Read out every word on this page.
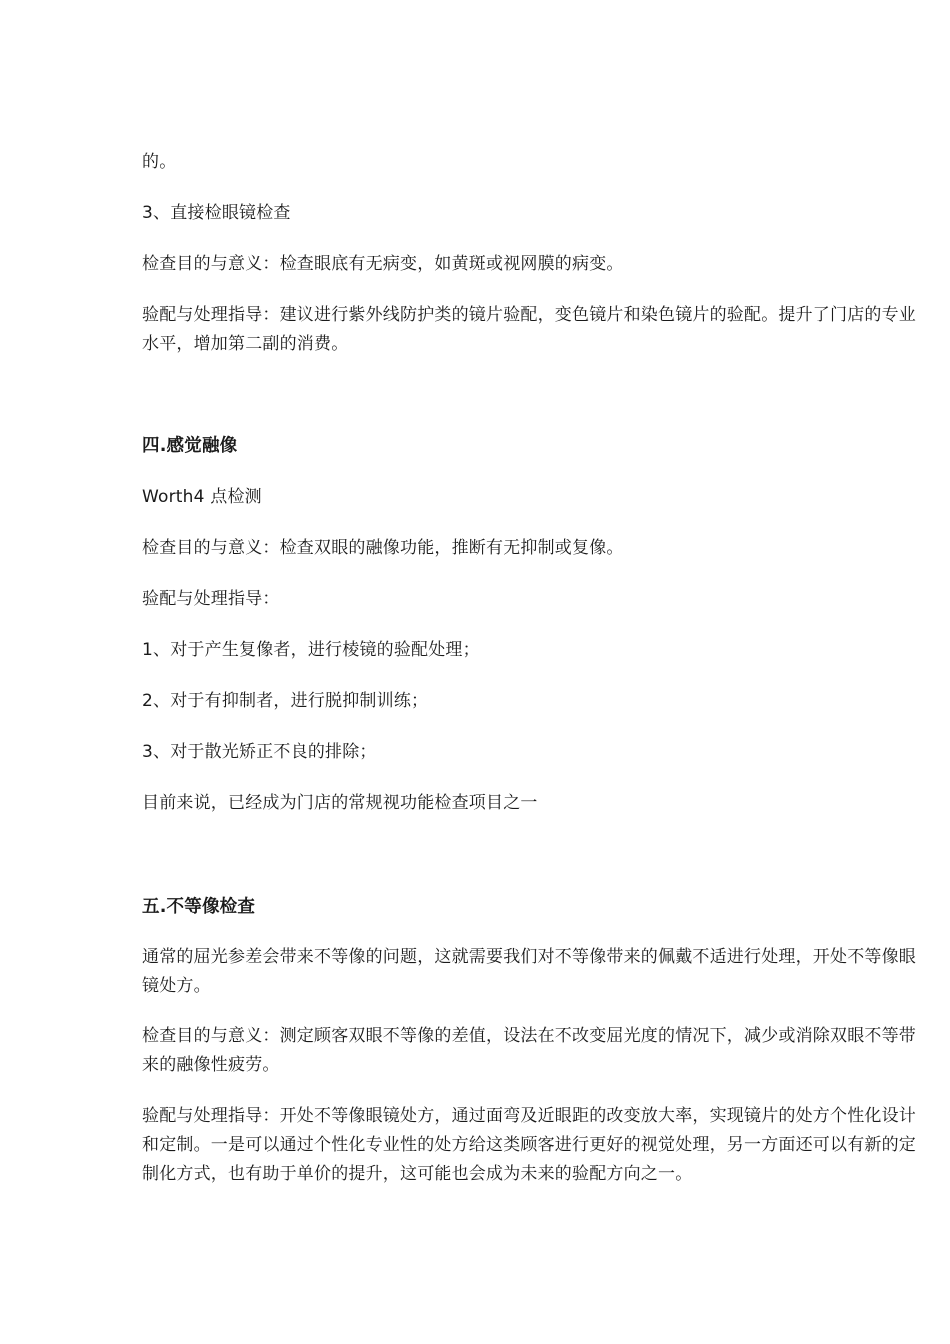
的。

3、直接检眼镜检查

检查目的与意义：检查眼底有无病变，如黄斑或视网膜的病变。

验配与处理指导：建议进行紫外线防护类的镜片验配，变色镜片和染色镜片的验配。提升了门店的专业水平，增加第二副的消费。

四.感觉融像

Worth4 点检测

检查目的与意义：检查双眼的融像功能，推断有无抑制或复像。

验配与处理指导：

1、对于产生复像者，进行棱镜的验配处理；

2、对于有抑制者，进行脱抑制训练；

3、对于散光矫正不良的排除；

目前来说，已经成为门店的常规视功能检查项目之一

五.不等像检查

通常的屈光参差会带来不等像的问题，这就需要我们对不等像带来的佩戴不适进行处理，开处不等像眼镜处方。

检查目的与意义：测定顾客双眼不等像的差值，设法在不改变屈光度的情况下，减少或消除双眼不等带来的融像性疲劳。

验配与处理指导：开处不等像眼镜处方，通过面弯及近眼距的改变放大率，实现镜片的处方个性化设计和定制。一是可以通过个性化专业性的处方给这类顾客进行更好的视觉处理，另一方面还可以有新的定制化方式，也有助于单价的提升，这可能也会成为未来的验配方向之一。
